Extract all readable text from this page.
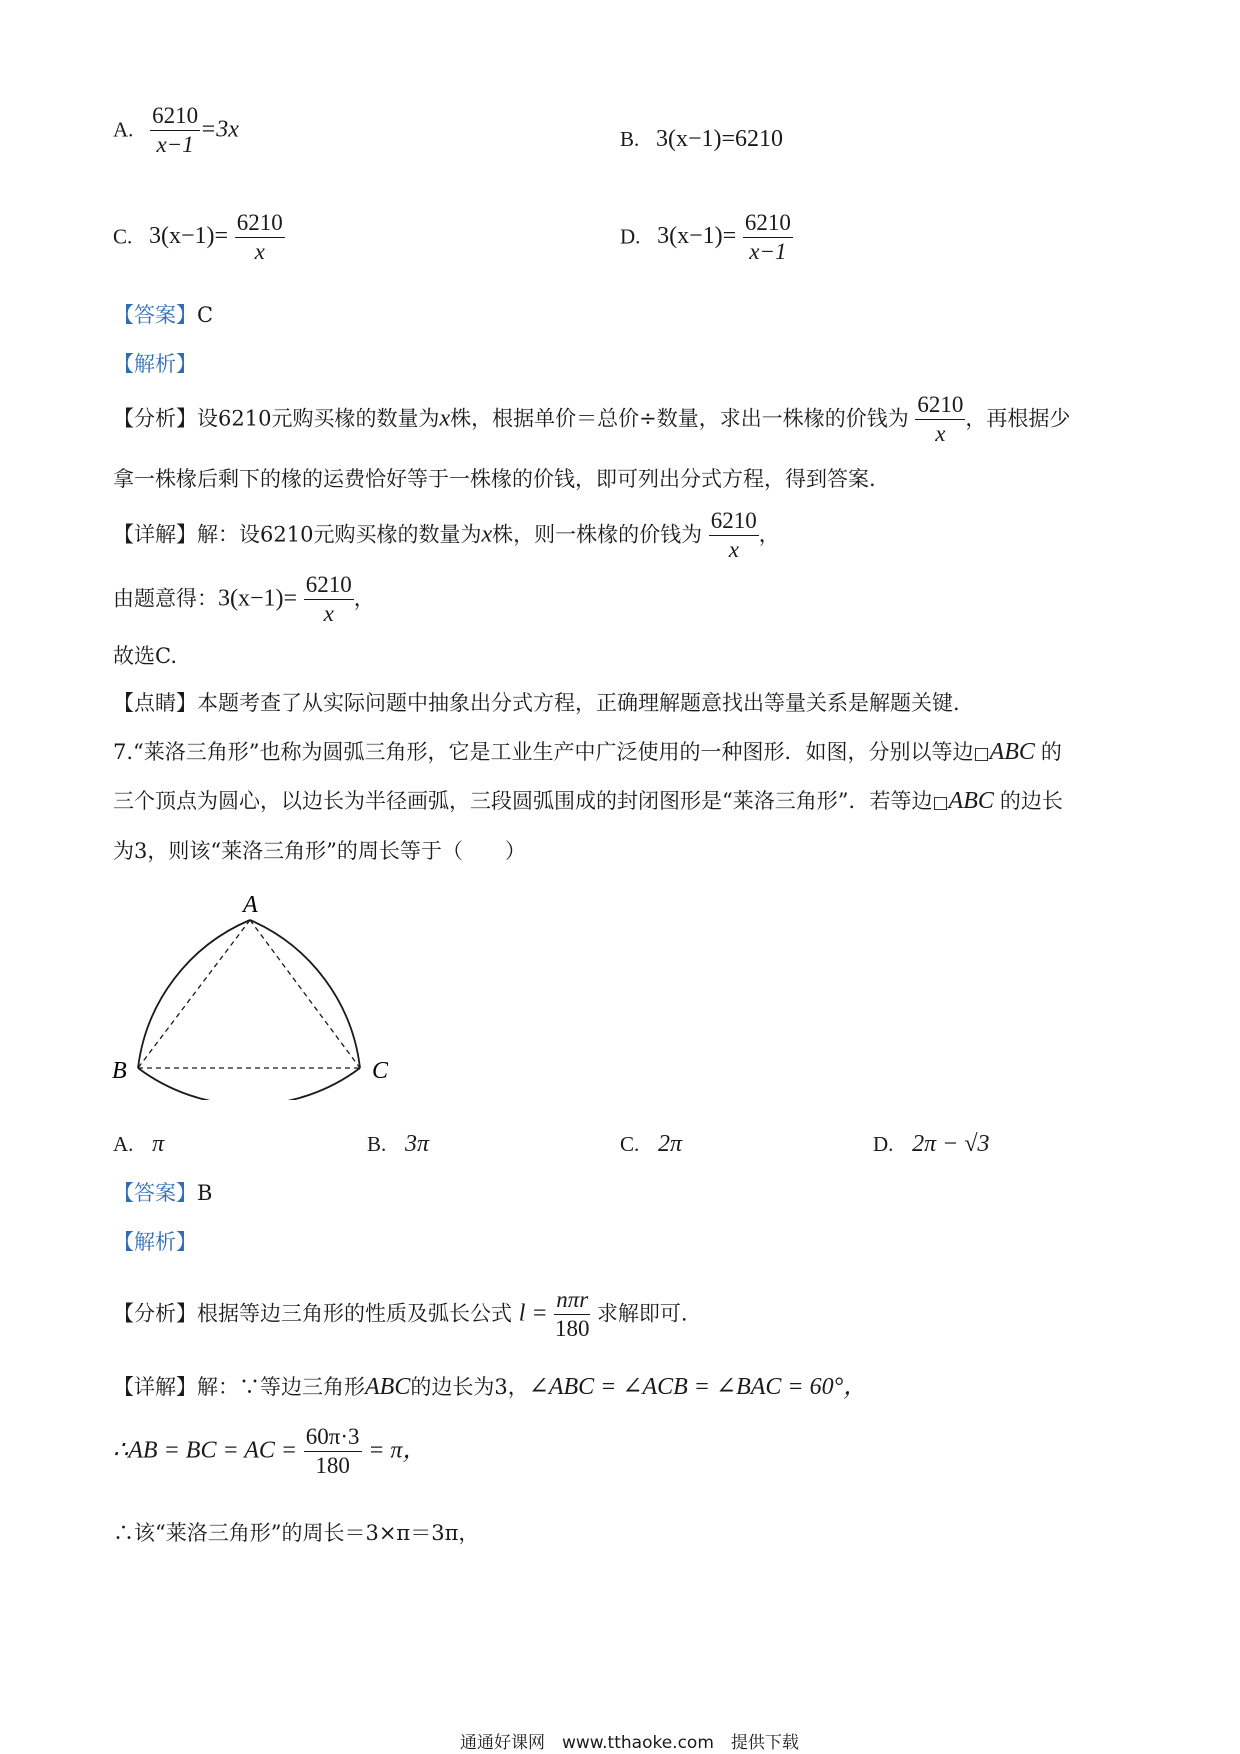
A. $\frac{6210}{x-1} =3x$	B. 3(x−1)=6210
C. $3(x-1)= \frac{6210}{x}$	D. $3(x-1)= \frac{6210}{x-1}$
【答案】C
【解析】
【分析】设6210元购买椽的数量为x株，根据单价＝总价÷数量，求出一株椽的价钱为 $\frac{6210}{x}$ ，再根据少
拿一株椽后剩下的椽的运费恰好等于一株椽的价钱，即可列出分式方程，得到答案.
【详解】解：设6210元购买椽的数量为x株，则一株椽的价钱为 $\frac{6210}{x}$ ，
由题意得：$3(x-1)= \frac{6210}{x}$ ，
故选C.
【点睛】本题考查了从实际问题中抽象出分式方程，正确理解题意找出等量关系是解题关键.
7.“莱洛三角形”也称为圆弧三角形，它是工业生产中广泛使用的一种图形．如图，分别以等边□ABC 的
三个顶点为圆心，以边长为半径画弧，三段圆弧围成的封闭图形是“莱洛三角形”．若等边□ABC 的边长
为3，则该“莱洛三角形”的周长等于（　　）
A
B	C
A. π	B. 3π	C. 2π	D. 2π − √3
【答案】B
【解析】
【分析】根据等边三角形的性质及弧长公式 $l = \frac{\text{nπr}}{180}$ 求解即可.
【详解】解：∵等边三角形ABC的边长为3，∠ABC = ∠ACB = ∠BAC = 60°，
∴AB = BC = AC = $\frac{60\pi\cdot 3}{180} = \pi$，
∴该“莱洛三角形”的周长＝3×π＝3π，
通通好课网　www.tthaoke.com　提供下载
